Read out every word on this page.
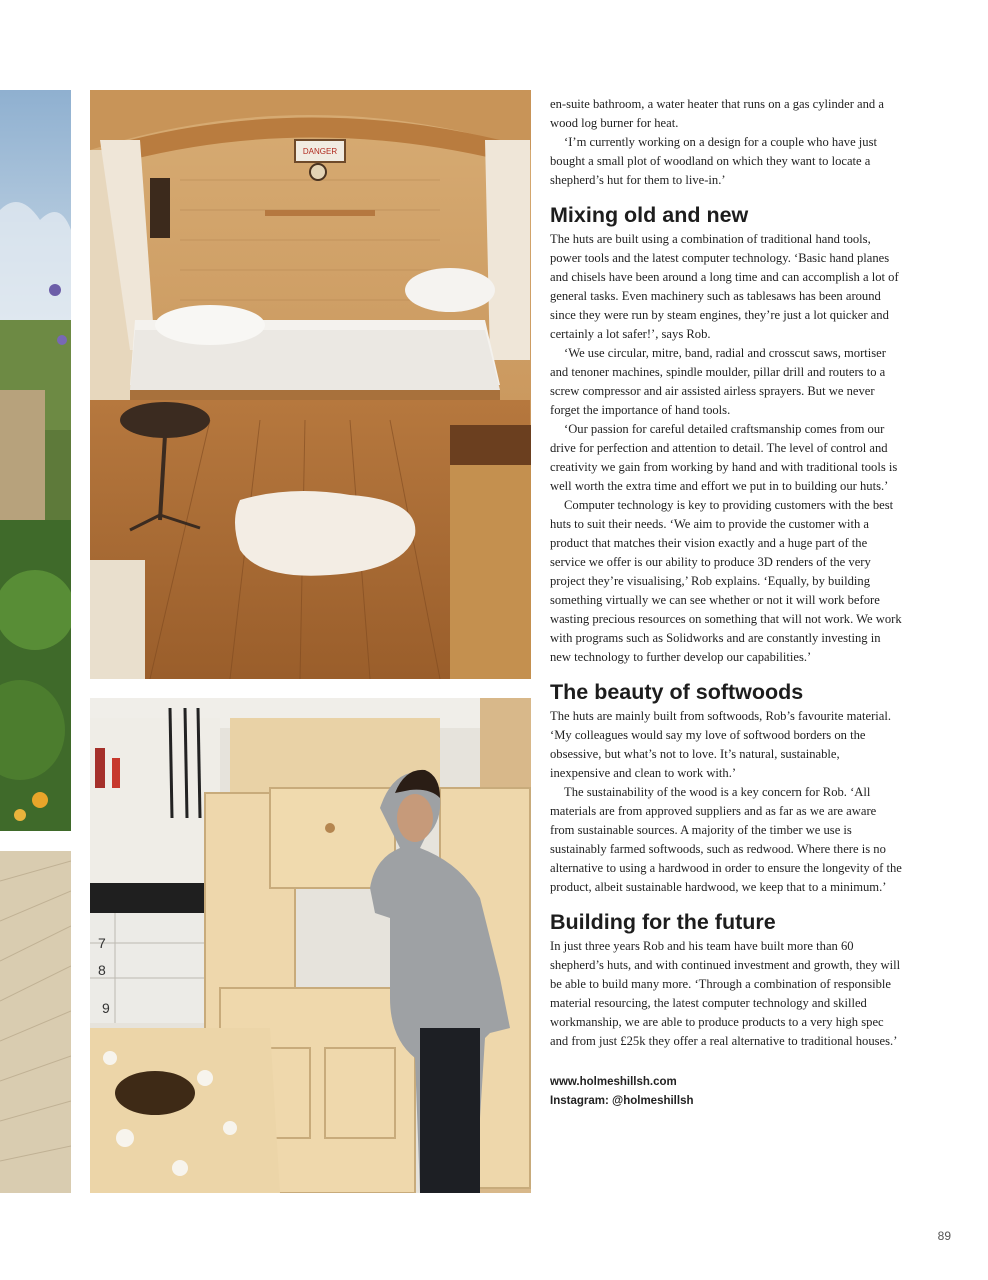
DANGER
7
8
9

en-suite bathroom, a water heater that runs on a gas cylinder and a wood log burner for heat.

‘I’m currently working on a design for a couple who have just bought a small plot of woodland on which they want to locate a shepherd’s hut for them to live-in.’

Mixing old and new

The huts are built using a combination of traditional hand tools, power tools and the latest computer technology. ‘Basic hand planes and chisels have been around a long time and can accomplish a lot of general tasks. Even machinery such as tablesaws has been around since they were run by steam engines, they’re just a lot quicker and certainly a lot safer!’, says Rob.

‘We use circular, mitre, band, radial and crosscut saws, mortiser and tenoner machines, spindle moulder, pillar drill and routers to a screw compressor and air assisted airless sprayers. But we never forget the importance of hand tools.

‘Our passion for careful detailed craftsmanship comes from our drive for perfection and attention to detail. The level of control and creativity we gain from working by hand and with traditional tools is well worth the extra time and effort we put in to building our huts.’

Computer technology is key to providing customers with the best huts to suit their needs. ‘We aim to provide the customer with a product that matches their vision exactly and a huge part of the service we offer is our ability to produce 3D renders of the very project they’re visualising,’ Rob explains. ‘Equally, by building something virtually we can see whether or not it will work before wasting precious resources on something that will not work. We work with programs such as Solidworks and are constantly investing in new technology to further develop our capabilities.’

The beauty of softwoods

The huts are mainly built from softwoods, Rob’s favourite material. ‘My colleagues would say my love of softwood borders on the obsessive, but what’s not to love. It’s natural, sustainable, inexpensive and clean to work with.’

The sustainability of the wood is a key concern for Rob. ‘All materials are from approved suppliers and as far as we are aware from sustainable sources. A majority of the timber we use is sustainably farmed softwoods, such as redwood. Where there is no alternative to using a hardwood in order to ensure the longevity of the product, albeit sustainable hardwood, we keep that to a minimum.’

Building for the future

In just three years Rob and his team have built more than 60 shepherd’s huts, and with continued investment and growth, they will be able to build many more. ‘Through a combination of responsible material resourcing, the latest computer technology and skilled workmanship, we are able to produce products to a very high spec and from just £25k they offer a real alternative to traditional houses.’

www.holmeshillsh.com
Instagram: @holmeshillsh
89
